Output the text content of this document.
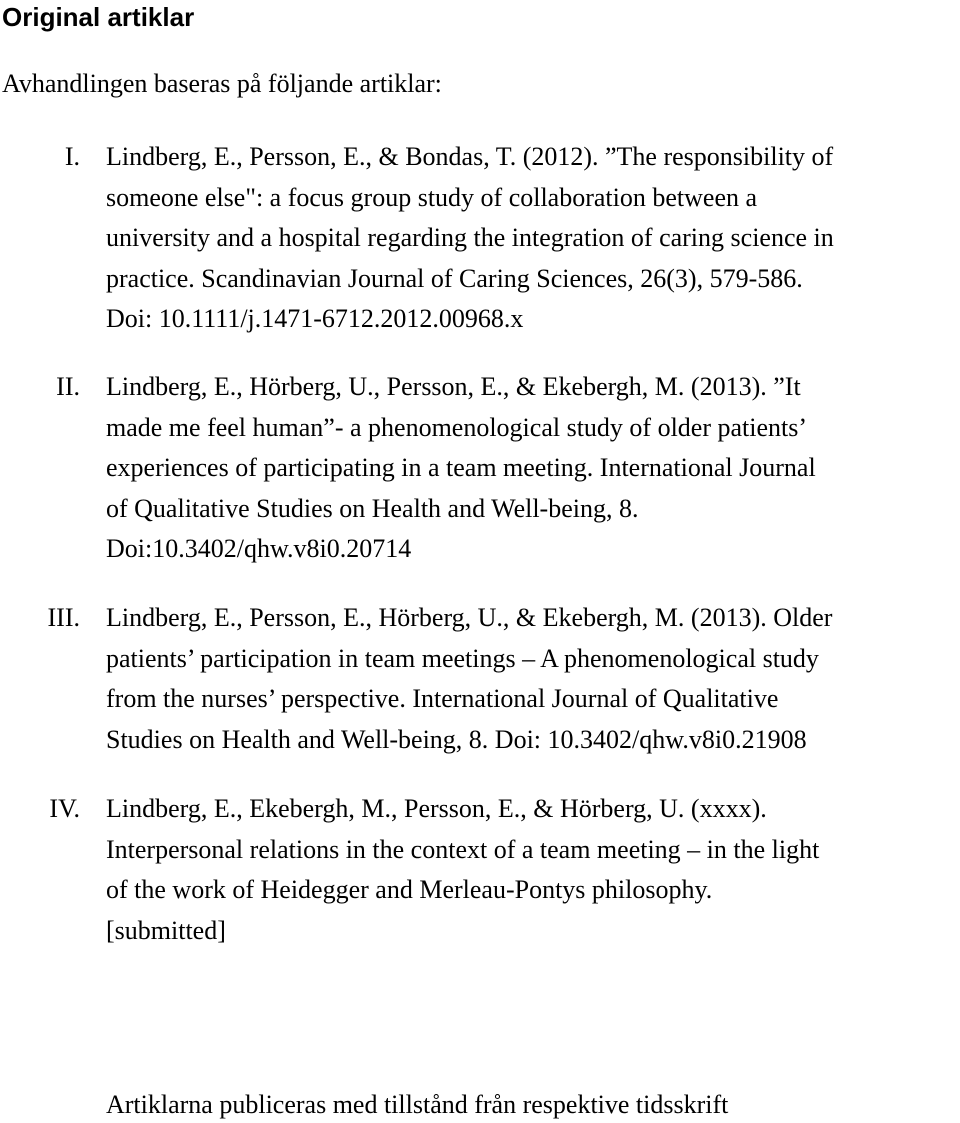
Original artiklar

Avhandlingen baseras på följande artiklar:

I. Lindberg, E., Persson, E., & Bondas, T. (2012). ”The responsibility of
someone else": a focus group study of collaboration between a
university and a hospital regarding the integration of caring science in
practice. Scandinavian Journal of Caring Sciences, 26(3), 579-586.
Doi: 10.1111/j.1471-6712.2012.00968.x
II. Lindberg, E., Hörberg, U., Persson, E., & Ekebergh, M. (2013). ”It
made me feel human”- a phenomenological study of older patients’
experiences of participating in a team meeting. International Journal
of Qualitative Studies on Health and Well-being, 8.
Doi:10.3402/qhw.v8i0.20714
III. Lindberg, E., Persson, E., Hörberg, U., & Ekebergh, M. (2013). Older
patients’ participation in team meetings – A phenomenological study
from the nurses’ perspective. International Journal of Qualitative
Studies on Health and Well-being, 8. Doi: 10.3402/qhw.v8i0.21908
IV. Lindberg, E., Ekebergh, M., Persson, E., & Hörberg, U. (xxxx).
Interpersonal relations in the context of a team meeting – in the light
of the work of Heidegger and Merleau-Pontys philosophy.
[submitted]

Artiklarna publiceras med tillstånd från respektive tidsskrift
